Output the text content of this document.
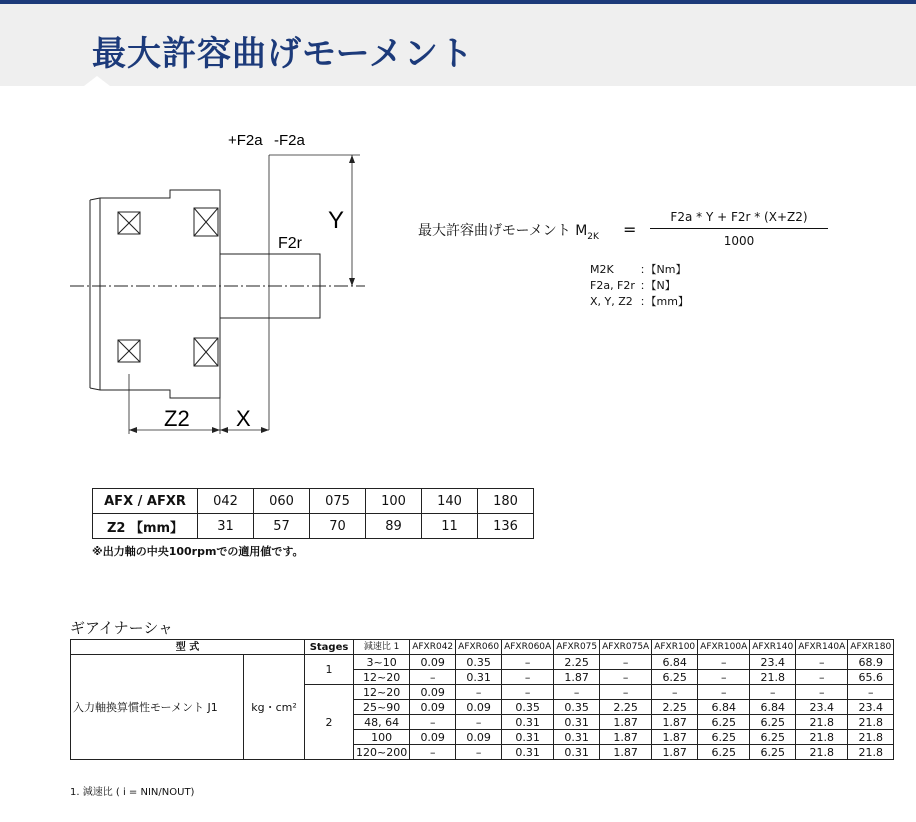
最大許容曲げモーメント
+F2a -F2a
F2r
Y
Z2 X
最大許容曲げモーメント $M_{2K}$ =
F2a * Y + F2r * (X+Z2)
1000
M2K ：【Nm】
F2a, F2r ：【N】
X, Y, Z2 ：【mm】
AFX / AFXR	042	060	075	100	140	180
Z2 【mm】	31	57	70	89	11	136
※出力軸の中央100rpmでの適用値です。
ギアイナーシャ
型 式		Stages	減速比 1	AFXR042	AFXR060	AFXR060A	AFXR075	AFXR075A	AFXR100	AFXR100A	AFXR140	AFXR140A	AFXR180
入力軸換算慣性モーメント J1	kg・cm²	1	3~10	0.09	0.35	–	2.25	–	6.84	–	23.4	–	68.9
			12~20	–	0.31	–	1.87	–	6.25	–	21.8	–	65.6
		2	12~20	0.09	–	–	–	–	–	–	–	–	–
			25~90	0.09	0.09	0.35	0.35	2.25	2.25	6.84	6.84	23.4	23.4
			48, 64	–	–	0.31	0.31	1.87	1.87	6.25	6.25	21.8	21.8
			100	0.09	0.09	0.31	0.31	1.87	1.87	6.25	6.25	21.8	21.8
			120~200	–	–	0.31	0.31	1.87	1.87	6.25	6.25	21.8	21.8
1. 減速比 ( i = NIN/NOUT)
